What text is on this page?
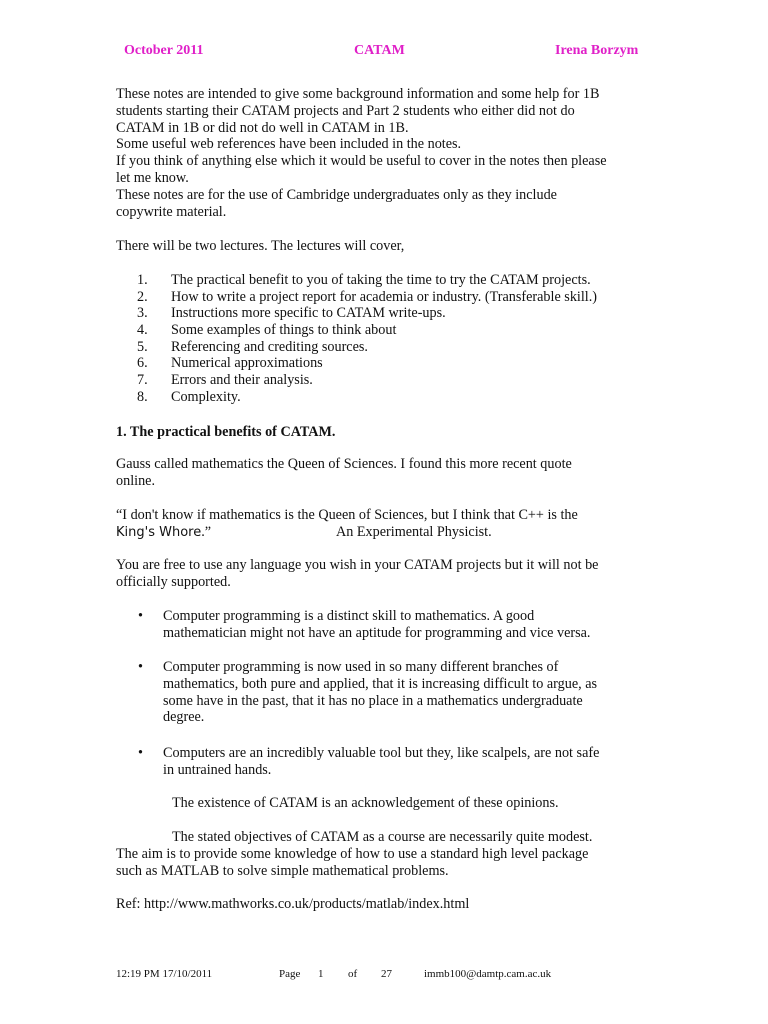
October 2011	CATAM	Irena Borzym

These notes are intended to give some background information and some help for 1B

students starting their CATAM projects and Part 2 students who either did not do

CATAM in 1B or did not do well in CATAM in 1B.

Some useful web references have been included in the notes.

If you think of anything else which it would be useful to cover in the notes then please

let me know.

These notes are for the use of Cambridge undergraduates only as they include

copywrite material.

There will be two lectures. The lectures will cover,

1. The practical benefit to you of taking the time to try the CATAM projects.
2. How to write a project report for academia or industry. (Transferable skill.)
3. Instructions more specific to CATAM write-ups.
4. Some examples of things to think about
5. Referencing and crediting sources.
6. Numerical approximations
7. Errors and their analysis.
8. Complexity.

1. The practical benefits of CATAM.

Gauss called mathematics the Queen of Sciences. I found this more recent quote

online.

“I don't know if mathematics is the Queen of Sciences, but I think that C++ is the

King's Whore.”	An Experimental Physicist.

You are free to use any language you wish in your CATAM projects but it will not be

officially supported.

• Computer programming is a distinct skill to mathematics. A good

mathematician might not have an aptitude for programming and vice versa.

• Computer programming is now used in so many different branches of

mathematics, both pure and applied, that it is increasing difficult to argue, as

some have in the past, that it has no place in a mathematics undergraduate

degree.

• Computers are an incredibly valuable tool but they, like scalpels, are not safe

in untrained hands.

The existence of CATAM is an acknowledgement of these opinions.

The stated objectives of CATAM as a course are necessarily quite modest.

The aim is to provide some knowledge of how to use a standard high level package

such as MATLAB to solve simple mathematical problems.

Ref: http://www.mathworks.co.uk/products/matlab/index.html

12:19 PM 17/10/2011	Page 1 of 27	immb100@damtp.cam.ac.uk
